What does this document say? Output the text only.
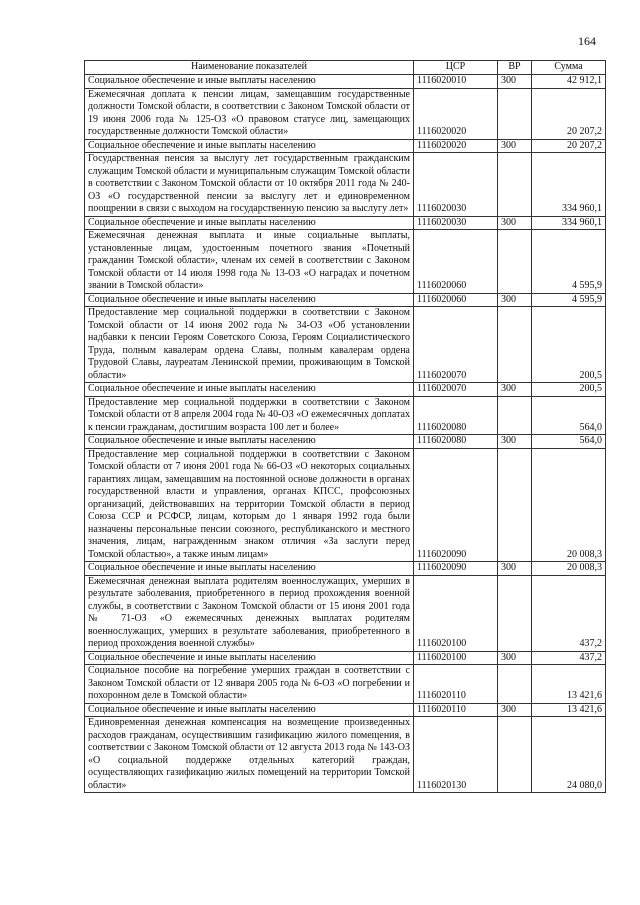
164
Наименование показателей	ЦСР	ВР	Сумма
Социальное обеспечение и иные выплаты населению	1116020010	300	42 912,1
Ежемесячная доплата к пенсии лицам, замещавшим государственные должности Томской области, в соответствии с Законом Томской области от 19 июня 2006 года № 125-ОЗ «О правовом статусе лиц, замещающих государственные должности Томской области»	1116020020		20 207,2
Социальное обеспечение и иные выплаты населению	1116020020	300	20 207,2
Государственная пенсия за выслугу лет государственным гражданским служащим Томской области и муниципальным служащим Томской области в соответствии с Законом Томской области от 10 октября 2011 года № 240-ОЗ «О государственной пенсии за выслугу лет и единовременном поощрении в связи с выходом на государственную пенсию за выслугу лет»	1116020030		334 960,1
Социальное обеспечение и иные выплаты населению	1116020030	300	334 960,1
Ежемесячная денежная выплата и иные социальные выплаты, установленные лицам, удостоенным почетного звания «Почетный гражданин Томской области», членам их семей в соответствии с Законом Томской области от 14 июля 1998 года № 13-ОЗ «О наградах и почетном звании в Томской области»	1116020060		4 595,9
Социальное обеспечение и иные выплаты населению	1116020060	300	4 595,9
Предоставление мер социальной поддержки в соответствии с Законом Томской области от 14 июня 2002 года № 34-ОЗ «Об установлении надбавки к пенсии Героям Советского Союза, Героям Социалистического Труда, полным кавалерам ордена Славы, полным кавалерам ордена Трудовой Славы, лауреатам Ленинской премии, проживающим в Томской области»	1116020070		200,5
Социальное обеспечение и иные выплаты населению	1116020070	300	200,5
Предоставление мер социальной поддержки в соответствии с Законом Томской области от 8 апреля 2004 года № 40-ОЗ «О ежемесячных доплатах к пенсии гражданам, достигшим возраста 100 лет и более»	1116020080		564,0
Социальное обеспечение и иные выплаты населению	1116020080	300	564,0
Предоставление мер социальной поддержки в соответствии с Законом Томской области от 7 июня 2001 года № 66-ОЗ «О некоторых социальных гарантиях лицам, замещавшим на постоянной основе должности в органах государственной власти и управления, органах КПСС, профсоюзных организаций, действовавших на территории Томской области в период Союза ССР и РСФСР, лицам, которым до 1 января 1992 года были назначены персональные пенсии союзного, республиканского и местного значения, лицам, награжденным знаком отличия «За заслуги перед Томской областью», а также иным лицам»	1116020090		20 008,3
Социальное обеспечение и иные выплаты населению	1116020090	300	20 008,3
Ежемесячная денежная выплата родителям военнослужащих, умерших в результате заболевания, приобретенного в период прохождения военной службы, в соответствии с Законом Томской области от 15 июня 2001 года № 71-ОЗ «О ежемесячных денежных выплатах родителям военнослужащих, умерших в результате заболевания, приобретенного в период прохождения военной службы»	1116020100		437,2
Социальное обеспечение и иные выплаты населению	1116020100	300	437,2
Социальное пособие на погребение умерших граждан в соответствии с Законом Томской области от 12 января 2005 года № 6-ОЗ «О погребении и похоронном деле в Томской области»	1116020110		13 421,6
Социальное обеспечение и иные выплаты населению	1116020110	300	13 421,6
Единовременная денежная компенсация на возмещение произведенных расходов гражданам, осуществившим газификацию жилого помещения, в соответствии с Законом Томской области от 12 августа 2013 года № 143-ОЗ «О социальной поддержке отдельных категорий граждан, осуществляющих газификацию жилых помещений на территории Томской области»	1116020130		24 080,0
